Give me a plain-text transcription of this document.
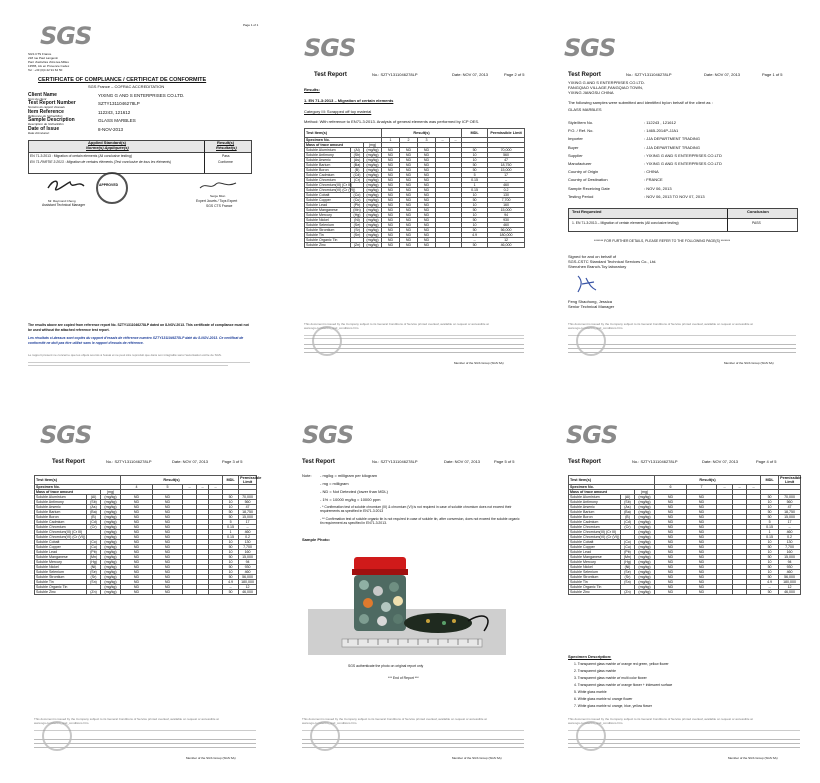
SGS	Page 1 of 1
SGS CTS France
218 rue Paul Langevin
Parc d'activités d'Aix-les-Milles
13565, Aix en Provence Cedex
Tel : +33 (0)4 42 91 64 50
CERTIFICATE OF COMPLIANCE / CERTIFICAT DE CONFORMITE
SGS France – COFRAC ACCREDITATION
Client Name
Nom du client
YIXING G AND S ENTERPRISES CO.LTD.
Test Report Number
Numéro du rapport d'essais
SZTY1311046278LP
Item Reference
Référence de l'échantillon
112243, 121612
Sample Description
Description de l'échantillon
GLASS MARBLES
Date of Issue
Date d'émission
8-NOV-2013
Applied Standard(s)
Norme(s) Appliquée(s)
Result(s)
Résultat(s)
EN 71-3:2013 : Migration of certain elements (All conclusive testing)
EN 71-PARTIE 3:2013 : Migration de certains éléments (Test conclusive de tous les éléments)
Pass
Conforme
APPROVED
Mr. Raymond Cheng
Assistant Technical Manager
Serge Mion
Expert Jouets / Toys Expert
SGS CTS France
The results above are copied from reference report No. SZTY1311046278LP dated on 8-NOV-2013. This certificate of compliance must not be used without the attached reference test report.
Les résultats ci-dessus sont copiés du rapport d'essais de référence numéro SZTY1311046278LP daté du 8-NOV-2013. Ce certificat de conformité ne doit pas être utilisé sans le rapport d'essais de référence.
Le rapport présent ne concerne que les objets soumis à l'essai et ne peut être reproduit que dans son intégralité sans l'autorisation écrite de SGS.
SGS
Test Report	No.: SZTY1311046278LP	Date: NOV 07, 2013	Page 2 of 5
Results:
1. EN 71-3:2013 – Migration of certain elements
Category III: Scrapped off toy material
Method: With reference to EN71-3:2013. Analysis of general elements was performed by ICP OES.
Test Item(s)			Result(s)					MDL	Permissible Limit
Specimen No.			1	2	3	--	--		
Mass of trace amount		(mg)							
Soluble Aluminium	(Al)	(mg/kg)	ND	ND	ND			50	70,000
Soluble Antimony	(Sb)	(mg/kg)	ND	ND	ND			10	560
Soluble Arsenic	(As)	(mg/kg)	ND	ND	ND			10	47
Soluble Barium	(Ba)	(mg/kg)	ND	ND	ND			50	18,750
Soluble Boron	(B)	(mg/kg)	ND	ND	ND			50	15,000
Soluble Cadmium	(Cd)	(mg/kg)	ND	ND	ND			5	17
Soluble Chromium	(Cr)	(mg/kg)	ND	ND	ND			0.15	--
Soluble Chromium(III) (Cr III)		(mg/kg)	ND	ND	ND			1	460
Soluble Chromium(VI) (Cr (VI))		(mg/kg)	ND	ND	ND			0.15	0.2
Soluble Cobalt	(Co)	(mg/kg)	ND	ND	ND			10	130
Soluble Copper	(Cu)	(mg/kg)	ND	ND	ND			50	7,700
Soluble Lead	(Pb)	(mg/kg)	ND	ND	ND			10	160
Soluble Manganese	(Mn)	(mg/kg)	ND	ND	ND			50	15,000
Soluble Mercury	(Hg)	(mg/kg)	ND	ND	ND			10	94
Soluble Nickel	(Ni)	(mg/kg)	ND	ND	ND			50	930
Soluble Selenium	(Se)	(mg/kg)	ND	ND	ND			10	460
Soluble Strontium	(Sr)	(mg/kg)	ND	ND	ND			50	56,000
Soluble Tin	(Sn)	(mg/kg)	ND	ND	ND			4.9	180,000
Soluble Organic Tin		(mg/kg)	ND	ND	ND			--	12
Soluble Zinc	(Zn)	(mg/kg)	ND	ND	ND			50	46,000
This document is issued by the Company subject to its General Conditions of Service printed overleaf, available on request or accessible at www.sgs.com/terms_and_conditions.htm.
Member of the SGS Group (SGS SA)
SGS
Test Report	No.: SZTY1311046278LP	Date: NOV 07, 2013	Page 1 of 5
YIXING G AND S ENTERPRISES CO.LTD.
FANGQIAO VILLAGE,FANGQIAO TOWN,
YIXING JIANGSU CHINA
The following samples were submitted and identified by/on behalf of the client as :
GLASS MARBLES
Style/Item No.	: 112243 , 121612
P.O. / Ref. No.	: 1465-2014P-JJA1
Importer	: JJA DEPARTMENT TRADING
Buyer	: JJA DEPARTMENT TRADING
Supplier	: YIXING G AND S ENTERPRISES CO.LTD
Manufacturer	: YIXING G AND S ENTERPRISES CO.LTD
Country of Origin	: CHINA
Country of Destination	: FRANCE
Sample Receiving Date	: NOV 06, 2013
Testing Period	: NOV 06, 2013 TO NOV 07, 2013
Test Requested	Conclusion
1. EN 71-3:2013 – Migration of certain elements (All conclusive testing)	PASS
******* FOR FURTHER DETAILS, PLEASE REFER TO THE FOLLOWING PAGE(S) *******
Signed for and on behalf of
SGS-CSTC Standard Technical Services Co., Ltd.
Shenzhen Branch-Toy laboratory
Feng Shaohong, Jessica
Senior Technical Manager
This document is issued by the Company subject to its General Conditions of Service printed overleaf, available on request or accessible at www.sgs.com/terms_and_conditions.htm.
Member of the SGS Group (SGS SA)
SGS
Test Report	No.: SZTY1311046278LP	Date: NOV 07, 2013	Page 3 of 5
Test Item(s)			Result(s)					MDL	Permissible Limit
Specimen No.			4	5	--	--	--		
Mass of trace amount		(mg)							
Soluble Aluminium	(Al)	(mg/kg)	ND	ND				50	70,000
Soluble Antimony	(Sb)	(mg/kg)	ND	ND				10	560
Soluble Arsenic	(As)	(mg/kg)	ND	ND				10	47
Soluble Barium	(Ba)	(mg/kg)	ND	ND				50	18,750
Soluble Boron	(B)	(mg/kg)	ND	ND				50	15,000
Soluble Cadmium	(Cd)	(mg/kg)	ND	ND				5	17
Soluble Chromium	(Cr)	(mg/kg)	ND	ND				0.15	--
Soluble Chromium(III) (Cr III)		(mg/kg)	ND	ND				1	460
Soluble Chromium(VI) (Cr (VI))		(mg/kg)	ND	ND				0.15	0.2
Soluble Cobalt	(Co)	(mg/kg)	ND	ND				10	130
Soluble Copper	(Cu)	(mg/kg)	ND	ND				50	7,700
Soluble Lead	(Pb)	(mg/kg)	ND	ND				10	160
Soluble Manganese	(Mn)	(mg/kg)	ND	ND				50	15,000
Soluble Mercury	(Hg)	(mg/kg)	ND	ND				10	94
Soluble Nickel	(Ni)	(mg/kg)	ND	ND				50	930
Soluble Selenium	(Se)	(mg/kg)	ND	ND				10	460
Soluble Strontium	(Sr)	(mg/kg)	ND	ND				50	56,000
Soluble Tin	(Sn)	(mg/kg)	ND	ND				4.9	180,000
Soluble Organic Tin		(mg/kg)	ND	ND				--	12
Soluble Zinc	(Zn)	(mg/kg)	ND	ND				50	46,000
This document is issued by the Company subject to its General Conditions of Service printed overleaf, available on request or accessible at www.sgs.com/terms_and_conditions.htm.
Member of the SGS Group (SGS SA)
SGS
Test Report	No.: SZTY1311046278LP	Date: NOV 07, 2013	Page 5 of 5
Note: - mg/kg = milligram per kilogram
- mg = milligram
- ND = Not Detected (lower than MDL)
- 1% = 10000 mg/kg = 10000 ppm
- * Confirmation test of soluble chromium (III) & chromium (VI) is not required in case of soluble chromium does not exceed their requirements as specified in EN71-3:2013
- ** Confirmation test of soluble organic tin is not required in case of soluble tin, after conversion, does not exceed the soluble organic tin requirement as specified in EN71-3:2013.
Sample Photo:
SGS authenticate the photo on original report only
*** End of Report ***
This document is issued by the Company subject to its General Conditions of Service printed overleaf, available on request or accessible at www.sgs.com/terms_and_conditions.htm.
Member of the SGS Group (SGS SA)
SGS
Test Report	No.: SZTY1311046278LP	Date: NOV 07, 2013	Page 4 of 5
Test Item(s)			Result(s)					MDL	Permissible Limit
Specimen No.			6	7	--	--	--		
Mass of trace amount		(mg)							
Soluble Aluminium	(Al)	(mg/kg)	ND	ND				50	70,000
Soluble Antimony	(Sb)	(mg/kg)	ND	ND				10	560
Soluble Arsenic	(As)	(mg/kg)	ND	ND				10	47
Soluble Barium	(Ba)	(mg/kg)	ND	ND				50	18,750
Soluble Boron	(B)	(mg/kg)	ND	ND				50	15,000
Soluble Cadmium	(Cd)	(mg/kg)	ND	ND				5	17
Soluble Chromium	(Cr)	(mg/kg)	ND	ND				0.15	--
Soluble Chromium(III) (Cr III)		(mg/kg)	ND	ND				1	460
Soluble Chromium(VI) (Cr (VI))		(mg/kg)	ND	ND				0.15	0.2
Soluble Cobalt	(Co)	(mg/kg)	ND	ND				10	130
Soluble Copper	(Cu)	(mg/kg)	ND	ND				50	7,700
Soluble Lead	(Pb)	(mg/kg)	ND	ND				10	160
Soluble Manganese	(Mn)	(mg/kg)	ND	ND				50	15,000
Soluble Mercury	(Hg)	(mg/kg)	ND	ND				10	94
Soluble Nickel	(Ni)	(mg/kg)	ND	ND				50	930
Soluble Selenium	(Se)	(mg/kg)	ND	ND				10	460
Soluble Strontium	(Sr)	(mg/kg)	ND	ND				50	56,000
Soluble Tin	(Sn)	(mg/kg)	ND	ND				4.9	180,000
Soluble Organic Tin		(mg/kg)	ND	ND				--	12
Soluble Zinc	(Zn)	(mg/kg)	ND	ND				50	46,000
Specimen Description:
1. Transparent glass marble w/ orange red green, yellow flower
2. Transparent glass marble
3. Transparent glass marble w/ multi color flower
4. Transparent glass marble w/ orange flower + iridescent surface
5. White glass marble
6. White glass marble w/ orange flower
7. White glass marble w/ orange, blue, yellow flower
This document is issued by the Company subject to its General Conditions of Service printed overleaf, available on request or accessible at www.sgs.com/terms_and_conditions.htm.
Member of the SGS Group (SGS SA)
